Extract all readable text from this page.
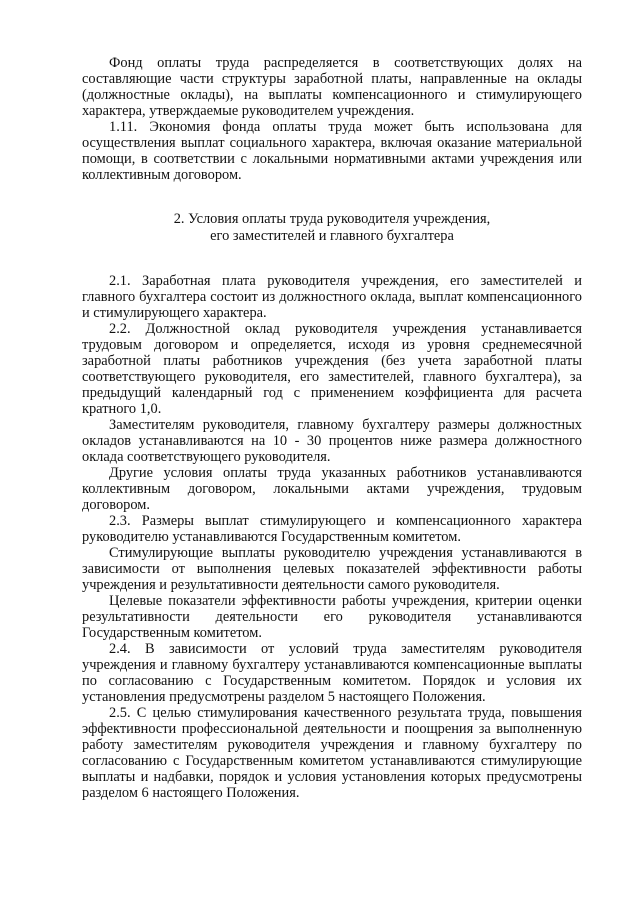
Фонд оплаты труда распределяется в соответствующих долях на составляющие части структуры заработной платы, направленные на оклады (должностные оклады), на выплаты компенсационного и стимулирующего характера, утверждаемые руководителем учреждения.

1.11. Экономия фонда оплаты труда может быть использована для осуществления выплат социального характера, включая оказание материальной помощи, в соответствии с локальными нормативными актами учреждения или коллективным договором.

2. Условия оплаты труда руководителя учреждения,
его заместителей и главного бухгалтера

2.1. Заработная плата руководителя учреждения, его заместителей и главного бухгалтера состоит из должностного оклада, выплат компенсационного и стимулирующего характера.

2.2. Должностной оклад руководителя учреждения устанавливается трудовым договором и определяется, исходя из уровня среднемесячной заработной платы работников учреждения (без учета заработной платы соответствующего руководителя, его заместителей, главного бухгалтера), за предыдущий календарный год с применением коэффициента для расчета кратного 1,0.

Заместителям руководителя, главному бухгалтеру размеры должностных окладов устанавливаются на 10 - 30 процентов ниже размера должностного оклада соответствующего руководителя.

Другие условия оплаты труда указанных работников устанавливаются коллективным договором, локальными актами учреждения, трудовым договором.

2.3. Размеры выплат стимулирующего и компенсационного характера руководителю устанавливаются Государственным комитетом.

Стимулирующие выплаты руководителю учреждения устанавливаются в зависимости от выполнения целевых показателей эффективности работы учреждения и результативности деятельности самого руководителя.

Целевые показатели эффективности работы учреждения, критерии оценки результативности деятельности его руководителя устанавливаются Государственным комитетом.

2.4. В зависимости от условий труда заместителям руководителя учреждения и главному бухгалтеру устанавливаются компенсационные выплаты по согласованию с Государственным комитетом. Порядок и условия их установления предусмотрены разделом 5 настоящего Положения.

2.5. С целью стимулирования качественного результата труда, повышения эффективности профессиональной деятельности и поощрения за выполненную работу заместителям руководителя учреждения и главному бухгалтеру по согласованию с Государственным комитетом устанавливаются стимулирующие выплаты и надбавки, порядок и условия установления которых предусмотрены разделом 6 настоящего Положения.
